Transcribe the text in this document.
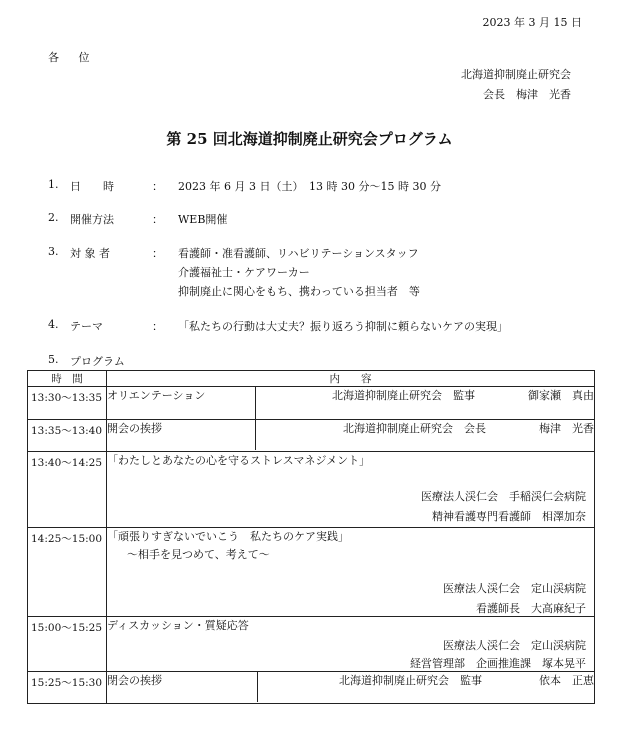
2023 年 3 月 15 日
各 位
北海道抑制廃止研究会
会長　梅津　光香
第 25 回北海道抑制廃止研究会プログラム
1. 日　　時	： 2023 年 6 月 3 日（土）　13 時 30 分〜15 時 30 分
2. 開催方法	： WEB開催
3. 対 象 者	： 看護師・准看護師、リハビリテーションスタッフ
介護福祉士・ケアワーカー
抑制廃止に関心をもち、携わっている担当者　等
4. テーマ	： 「私たちの行動は大丈夫？振り返ろう抑制に頼らないケアの実現」
5. プログラム
時　間	内　　容
13:30〜13:35	オリエンテーション	北海道抑制廃止研究会　監事	御家瀬　真由

13:35〜13:40	開会の挨拶	北海道抑制廃止研究会　会長	梅津　光香

13:40〜14:25	「わたしとあなたの心を守るストレスマネジメント」
医療法人渓仁会　手稲渓仁会病院
精神看護専門看護師　相澤加奈

14:25〜15:00	「頑張りすぎないでいこう　私たちのケア実践」
〜相手を見つめて、考えて〜
医療法人渓仁会　定山渓病院
看護師長　大高麻紀子

15:00〜15:25	ディスカッション・質疑応答
医療法人渓仁会　定山渓病院
経営管理部　企画推進課　塚本晃平

15:25〜15:30	閉会の挨拶	北海道抑制廃止研究会　監事	依本　正恵
